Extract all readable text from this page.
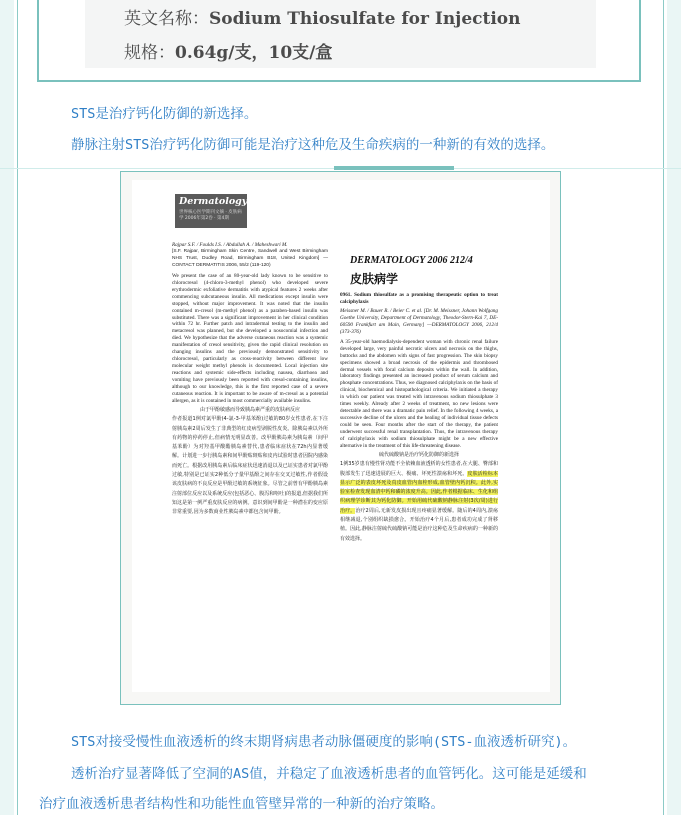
英文名称：Sodium Thiosulfate for Injection
规格：0.64g/支，10支/盒
STS是治疗钙化防御的新选择。
静脉注射STS治疗钙化防御可能是治疗这种危及生命疾病的一种新的有效的选择。
Dermatology
世界核心医学期刊文摘 · 皮肤病学 2006年第2卷 · 第4期

Rajpar S.F. / Foulds I.S. / Abdullah A. / Maheshwari M.

[S.F. Rajpar, Birmingham Skin Centre, Sandwell and West Birmingham NHS Trust, Dudley Road, Birmingham B18, United Kingdom] —CONTACT DERMATITIS 2006, 55/2 (119-120)

We present the case of an 80-year-old lady known to be sensitive to chlorocresol (4-chloro-3-methyl phenol) who developed severe erythrodermic exfoliative dermatitis with atypical features 2 weeks after commencing subcutaneous insulin. All medications except insulin were stopped, without major improvement. It was noted that the insulin contained m-cresol (m-methyl phenol) as a paraben-based insulin was substituted. There was a significant improvement in her clinical condition within 72 hr. Further patch and intradermal testing to the insulin and metacresol was planned, but she developed a nosocomial infection and died. We hypothesize that the adverse cutaneous reaction was a systemic manifestation of cresol sensitivity, given the rapid clinical resolution on changing insulins and the previously demonstrated sensitivity to chlorocresol, particularly as cross-reactivity between different low molecular weight methyl phenols is documented. Local injection site reactions and systemic side-effects including nausea, diarrhoea and vomiting have previously been reported with cresol-containing insulins, although to our knowledge, this is the first reported case of a severe cutaneous reaction. It is important to be aware of m-cresol as a potential allergen, as it is contained in most commercially available insulins.

由于甲酚敏感而导致胰岛素严重的皮肤病反应

作者报道1例对氯甲酚(4-氯-3-甲基苯酚)过敏的80岁女性患者,在下注射胰岛素2周后发生了非典型的红皮病型剥脱性皮炎。除胰岛素以外所有药物的停药停止,但病情无明显改善。改甲酚胰岛素为胰岛素（间甲基苯酚）为对羟基甲酸酯胰岛素替代,患者临床症状在72h内显著缓解。计划进一步行胰岛素和间甲酚贴斑贴和皮内试验时患者因院内感染而死亡。根据改用胰岛素后临床症状迅速消退以及已证实患者对氯甲酚过敏,特别是已证实2种低分子量甲基酚之间存在交叉过敏性,作者假设该皮肤病的不良反应是甲酚过敏的系统征象。尽管之前曾有甲酚胰岛素注射部位反应以及系统反应(包括恶心、腹泻和呕吐)的报道,但据我们所知这是第一例严重皮肤反应的病例。意识到间甲酚是一种潜在的变应原非常重要,因为多数商业性胰岛素中都包含间甲酚。

DERMATOLOGY 2006 212/4
皮肤病学

0961. Sodium thiosulfate as a promising therapeutic option to treat calciphylaxis

Meissner M. / Bauer R. / Beier C. et al. [Dr. M. Meissner, Johann Wolfgang Goethe University, Department of Dermatology, Theodor-Stern-Kai 7, DE-60590 Frankfurt am Main, Germany] —DERMATOLOGY 2006, 212/4 (373-376)

A 35-year-old haemodialysis-dependent woman with chronic renal failure developed large, very painful necrotic ulcers and necrosis on the thighs, buttocks and the abdomen with signs of fast progression. The skin biopsy specimens showed a broad necrosis of the epidermis and thrombosed dermal vessels with focal calcium deposits within the wall. In addition, laboratory findings presented an increased product of serum calcium and phosphate concentrations. Thus, we diagnosed calciphylaxis on the basis of clinical, biochemical and histopathological criteria. We initiated a therapy in which our patient was treated with intravenous sodium thiosulphate 3 times weekly. Already after 2 weeks of treatment, no new lesions were detectable and there was a dramatic pain relief. In the following 4 weeks, a successive decline of the ulcers and the healing of individual tissue defects could be seen. Four months after the start of the therapy, the patient underwent successful renal transplantation. Thus, the intravenous therapy of calciphylaxis with sodium thiosulphate might be a new effective alternative in the treatment of this life-threatening disease.

硫代硫酸钠是治疗钙化防御的新选择

1例35岁患有慢性肾功能不全依赖血液透析的女性患者,在大腿、臀部和腹部发生了迅速进展的巨大、极痛、坏死性溃疡和坏死。皮肤活检标本显示广泛的表皮坏死及真皮血管内血栓形成,血管壁内钙沉积。此外,实验室检查发现血清中钙和磷的浓度升高。因此,作者根据临床、生化和组织病理学诊断其为钙化防御。开始用硫代硫酸钠静脉注射(3次/周)进行治疗。治疗2周后,无新发皮损出现且疼痛显著缓解。随后的4周内,溃疡相继减退,个别组织缺损愈合。开始治疗4个月后,患者成功完成了肾移植。因此,静脉注射硫代硫酸钠可能是治疗这种危及生命疾病的一种新的有效选择。

STS对接受慢性血液透析的终末期肾病患者动脉僵硬度的影响(STS-血液透析研究)。
透析治疗显著降低了空洞的AS值，并稳定了血液透析患者的血管钙化。这可能是延缓和
治疗血液透析患者结构性和功能性血管壁异常的一种新的治疗策略。
